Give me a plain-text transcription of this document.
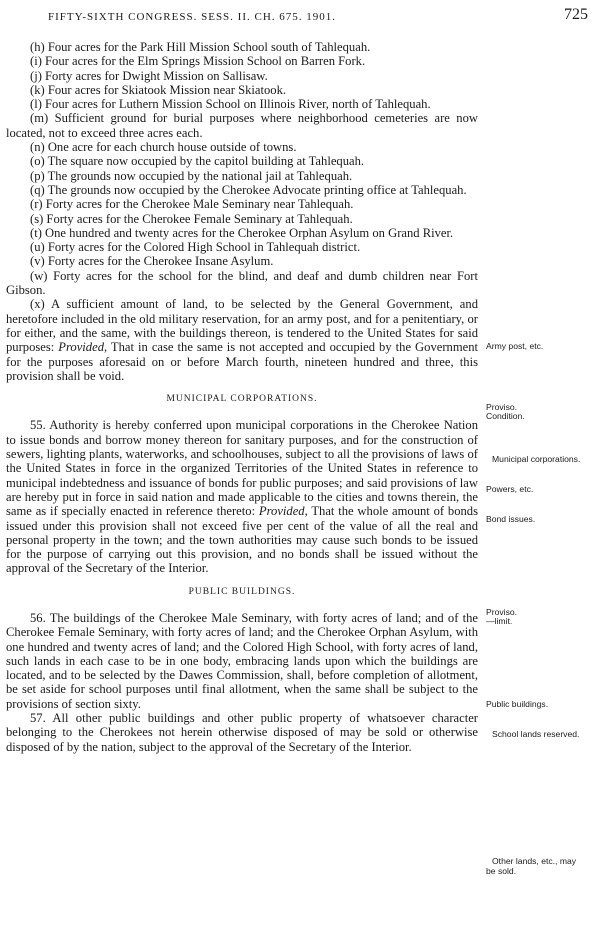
FIFTY-SIXTH CONGRESS. SESS. II. CH. 675. 1901.	725

(h) Four acres for the Park Hill Mission School south of Tahlequah.

(i) Four acres for the Elm Springs Mission School on Barren Fork.

(j) Forty acres for Dwight Mission on Sallisaw.

(k) Four acres for Skiatook Mission near Skiatook.

(l) Four acres for Luthern Mission School on Illinois River, north of Tahlequah.

(m) Sufficient ground for burial purposes where neighborhood cemeteries are now located, not to exceed three acres each.

(n) One acre for each church house outside of towns.

(o) The square now occupied by the capitol building at Tahlequah.

(p) The grounds now occupied by the national jail at Tahlequah.

(q) The grounds now occupied by the Cherokee Advocate printing office at Tahlequah.

(r) Forty acres for the Cherokee Male Seminary near Tahlequah.

(s) Forty acres for the Cherokee Female Seminary at Tahlequah.

(t) One hundred and twenty acres for the Cherokee Orphan Asylum on Grand River.

(u) Forty acres for the Colored High School in Tahlequah district.

(v) Forty acres for the Cherokee Insane Asylum.

(w) Forty acres for the school for the blind, and deaf and dumb children near Fort Gibson.

(x) A sufficient amount of land, to be selected by the General Government, and heretofore included in the old military reservation, for an army post, and for a penitentiary, or for either, and the same, with the buildings thereon, is tendered to the United States for said purposes: Provided, That in case the same is not accepted and occupied by the Government for the purposes aforesaid on or before March fourth, nineteen hundred and three, this provision shall be void.

MUNICIPAL CORPORATIONS.

55. Authority is hereby conferred upon municipal corporations in the Cherokee Nation to issue bonds and borrow money thereon for sanitary purposes, and for the construction of sewers, lighting plants, waterworks, and schoolhouses, subject to all the provisions of laws of the United States in force in the organized Territories of the United States in reference to municipal indebtedness and issuance of bonds for public purposes; and said provisions of law are hereby put in force in said nation and made applicable to the cities and towns therein, the same as if specially enacted in reference thereto: Provided, That the whole amount of bonds issued under this provision shall not exceed five per cent of the value of all the real and personal property in the town; and the town authorities may cause such bonds to be issued for the purpose of carrying out this provision, and no bonds shall be issued without the approval of the Secretary of the Interior.

PUBLIC BUILDINGS.

56. The buildings of the Cherokee Male Seminary, with forty acres of land; and of the Cherokee Female Seminary, with forty acres of land; and the Cherokee Orphan Asylum, with one hundred and twenty acres of land; and the Colored High School, with forty acres of land, such lands in each case to be in one body, embracing lands upon which the buildings are located, and to be selected by the Dawes Commission, shall, before completion of allotment, be set aside for school purposes until final allotment, when the same shall be subject to the provisions of section sixty.

57. All other public buildings and other public property of whatsoever character belonging to the Cherokees not herein otherwise disposed of may be sold or otherwise disposed of by the nation, subject to the approval of the Secretary of the Interior.

Army post, etc.
Proviso.
Condition.
Municipal corporations.
Powers, etc.
Bond issues.
Proviso.
—limit.
Public buildings.
School lands reserved.
Other lands, etc., may be sold.
